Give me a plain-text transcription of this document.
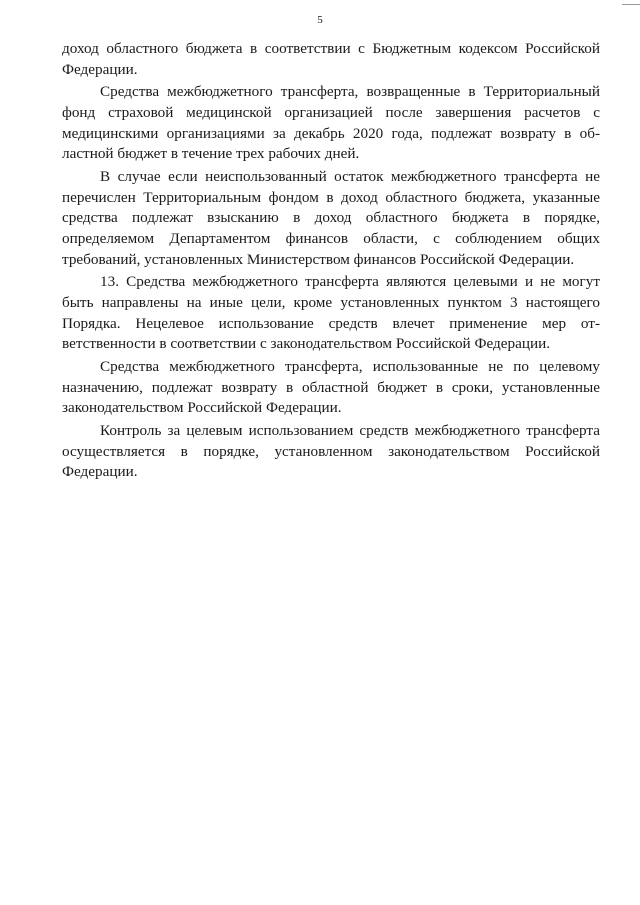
5

доход областного бюджета в соответствии с Бюджетным кодексом Российской Федерации.

Средства межбюджетного трансферта, возвращенные в Территориальный фонд страховой медицинской организацией после завершения расчетов с медицинскими организациями за декабрь 2020 года, подлежат возврату в областной бюджет в течение трех рабочих дней.

В случае если неиспользованный остаток межбюджетного трансферта не перечислен Территориальным фондом в доход областного бюджета, указанные средства подлежат взысканию в доход областного бюджета в порядке, определяемом Департаментом финансов области, с соблюдением общих требований, установленных Министерством финансов Российской Федерации.

13. Средства межбюджетного трансферта являются целевыми и не могут быть направлены на иные цели, кроме установленных пунктом 3 настоящего Порядка. Нецелевое использование средств влечет применение мер ответственности в соответствии с законодательством Российской Федерации.

Средства межбюджетного трансферта, использованные не по целевому назначению, подлежат возврату в областной бюджет в сроки, установленные законодательством Российской Федерации.

Контроль за целевым использованием средств межбюджетного трансферта осуществляется в порядке, установленном законодательством Российской Федерации.
